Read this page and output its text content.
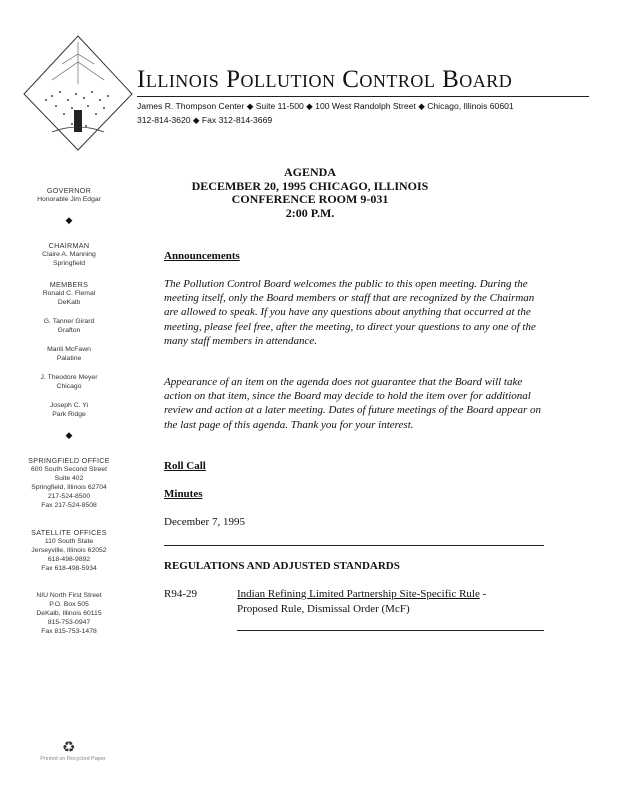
Illinois Pollution Control Board
James R. Thompson Center ◆ Suite 11-500 ◆ 100 West Randolph Street ◆ Chicago, Illinois 60601
312-814-3620 ◆ Fax 312-814-3669
GOVERNOR
Honorable Jim Edgar
◆
CHAIRMAN
Claire A. Manning
Springfield
MEMBERS
Ronald C. Flemal
DeKalb
G. Tanner Girard
Grafton
Marili McFawn
Palatine
J. Theodore Meyer
Chicago
Joseph C. Yi
Park Ridge
◆
SPRINGFIELD OFFICE
600 South Second Street
Suite 402
Springfield, Illinois 62704
217-524-8500
Fax 217-524-8508
SATELLITE OFFICES
110 South State
Jerseyville, Illinois 62052
618-498-9892
Fax 618-498-5934
NIU North First Street
P.O. Box 505
DeKalb, Illinois 60115
815-753-0947
Fax 815-753-1478
♻
Printed on Recycled Paper
AGENDA
DECEMBER 20, 1995 CHICAGO, ILLINOIS
CONFERENCE ROOM 9-031
2:00 P.M.
Announcements
The Pollution Control Board welcomes the public to this open meeting. During the meeting itself, only the Board members or staff that are recognized by the Chairman are allowed to speak. If you have any questions about anything that occurred at the meeting, please feel free, after the meeting, to direct your questions to any one of the many staff members in attendance.
Appearance of an item on the agenda does not guarantee that the Board will take action on that item, since the Board may decide to hold the item over for additional review and action at a later meeting. Dates of future meetings of the Board appear on the last page of this agenda. Thank you for your interest.
Roll Call
Minutes
December 7, 1995
REGULATIONS AND ADJUSTED STANDARDS
R94-29	Indian Refining Limited Partnership Site-Specific Rule -
Proposed Rule, Dismissal Order (McF)
